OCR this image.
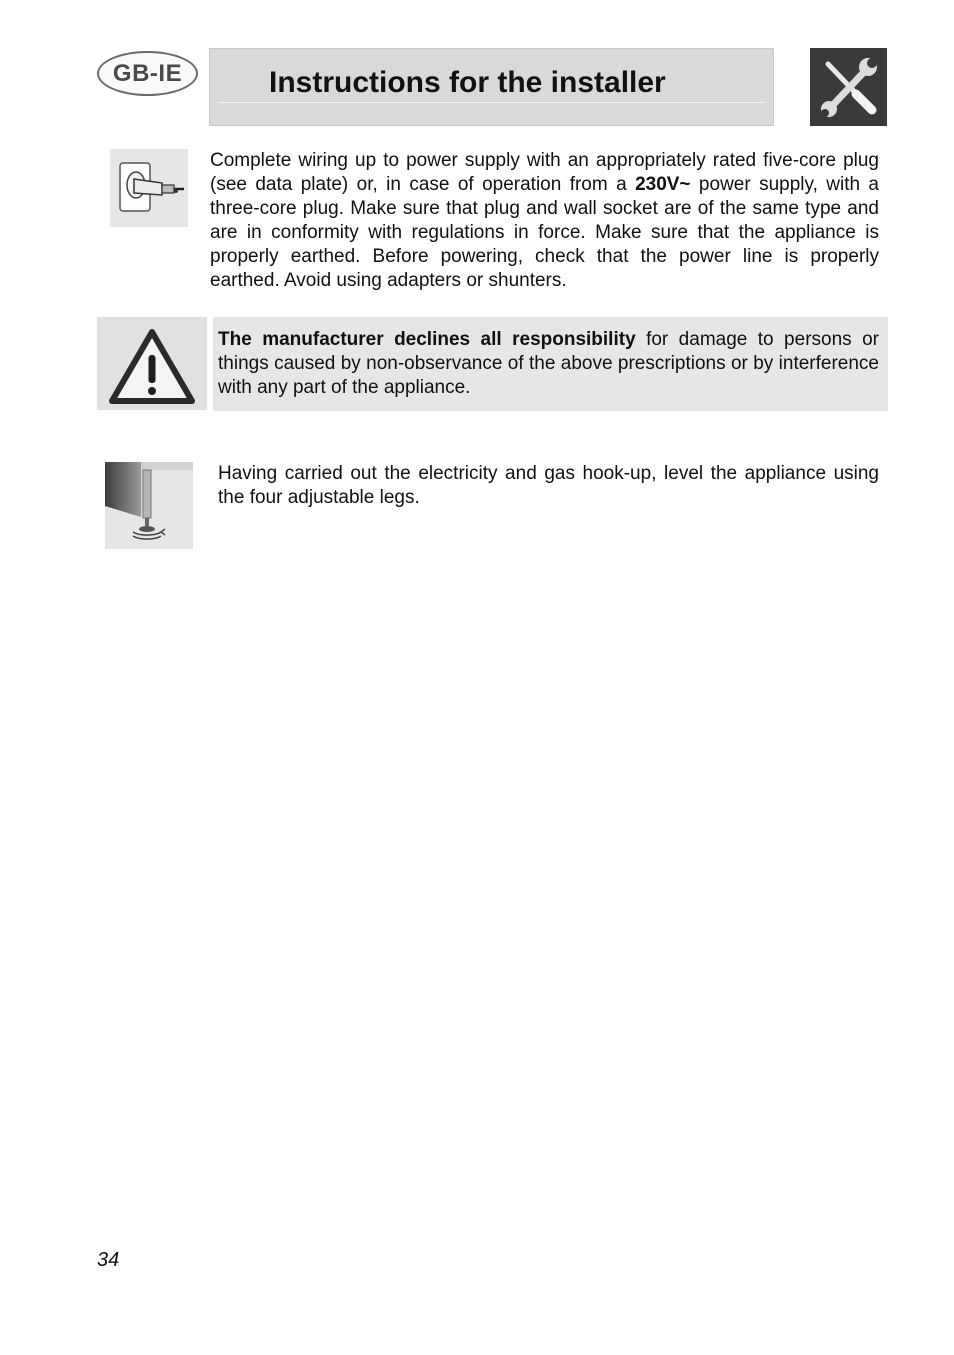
GB-IE	Instructions for the installer
Complete wiring up to power supply with an appropriately rated five-core plug (see data plate) or, in case of operation from a 230V~ power supply, with a three-core plug. Make sure that plug and wall socket are of the same type and are in conformity with regulations in force. Make sure that the appliance is properly earthed. Before powering, check that the power line is properly earthed. Avoid using adapters or shunters.
The manufacturer declines all responsibility for damage to persons or things caused by non-observance of the above prescriptions or by interference with any part of the appliance.
Having carried out the electricity and gas hook-up, level the appliance using the four adjustable legs.
34
